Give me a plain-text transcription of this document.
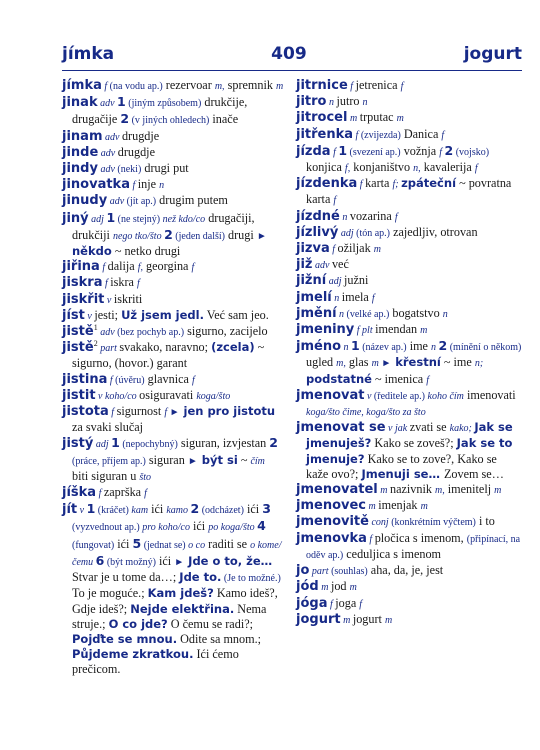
jímka	409	jogurt

jímka f (na vodu ap.) rezervoar m, spremnik m

jinak adv 1 (jiným způsobem) drukčije, drugačije 2 (v jiných ohledech) inače

jinam adv drugdje

jinde adv drugdje

jindy adv (neki) drugi put

jinovatka f inje n

jinudy adv (jít ap.) drugim putem

jiný adj 1 (ne stejný) než kdo/co drugačiji, drukčiji nego tko/što 2 (jeden další) drugi ► někdo ~ netko drugi

jiřina f dalija f, georgina f

jiskra f iskra f

jiskřit v iskriti

jíst v jesti; Už jsem jedl. Već sam jeo.

jistě$^1$ adv (bez pochyb ap.) sigurno, zacijelo

jistě$^2$ part svakako, naravno; (zcela) ~ sigurno, (hovor.) garant

jistina f (úvěru) glavnica f

jistit v koho/co osiguravati koga/što

jistota f sigurnost f ► jen pro jistotu za svaki slučaj

jistý adj 1 (nepochybný) siguran, izvjestan 2 (práce, příjem ap.) siguran ► být si ~ čím biti siguran u što

jíška f zaprška f

jít v 1 (kráčet) kam ići kamo 2 (odcházet) ići 3 (vyzvednout ap.) pro koho/co ići po koga/što 4 (fungovat) ići 5 (jednat se) o co raditi se o kome/čemu 6 (být možný) ići ► Jde o to, že… Stvar je u tome da…; Jde to. (Je to možné.) To je moguće.; Kam jdeš? Kamo ideš?, Gdje ideš?; Nejde elektřina. Nema struje.; O co jde? O čemu se radi?; Pojďte se mnou. Odite sa mnom.; Půjdeme zkratkou. Ići ćemo prečicom.

jitrnice f jetrenica f

jitro n jutro n

jitrocel m trputac m

jitřenka f (zvijezda) Danica f

jízda f 1 (svezení ap.) vožnja f 2 (vojsko) konjica f, konjaništvo n, kavalerija f

jízdenka f karta f; zpáteční ~ povratna karta f

jízdné n vozarina f

jízlivý adj (tón ap.) zajedljiv, otrovan

jizva f ožiljak m

již adv već

jižní adj južni

jmelí n imela f

jmění n (velké ap.) bogatstvo n

jmeniny f plt imendan m

jméno n 1 (název ap.) ime n 2 (mínění o někom) ugled m, glas m ► křestní ~ ime n; podstatné ~ imenica f

jmenovat v (ředitele ap.) koho čím imenovati koga/što čime, koga/što za što

jmenovat se v jak zvati se kako; Jak se jmenuješ? Kako se zoveš?; Jak se to jmenuje? Kako se to zove?, Kako se kaže ovo?; Jmenuji se… Zovem se…

jmenovatel m nazivnik m, imenitelj m

jmenovec m imenjak m

jmenovitě conj (konkrétním výčtem) i to

jmenovka f pločica s imenom, (připínací, na oděv ap.) ceduljica s imenom

jo part (souhlas) aha, da, je, jest

jód m jod m

jóga f joga f

jogurt m jogurt m
